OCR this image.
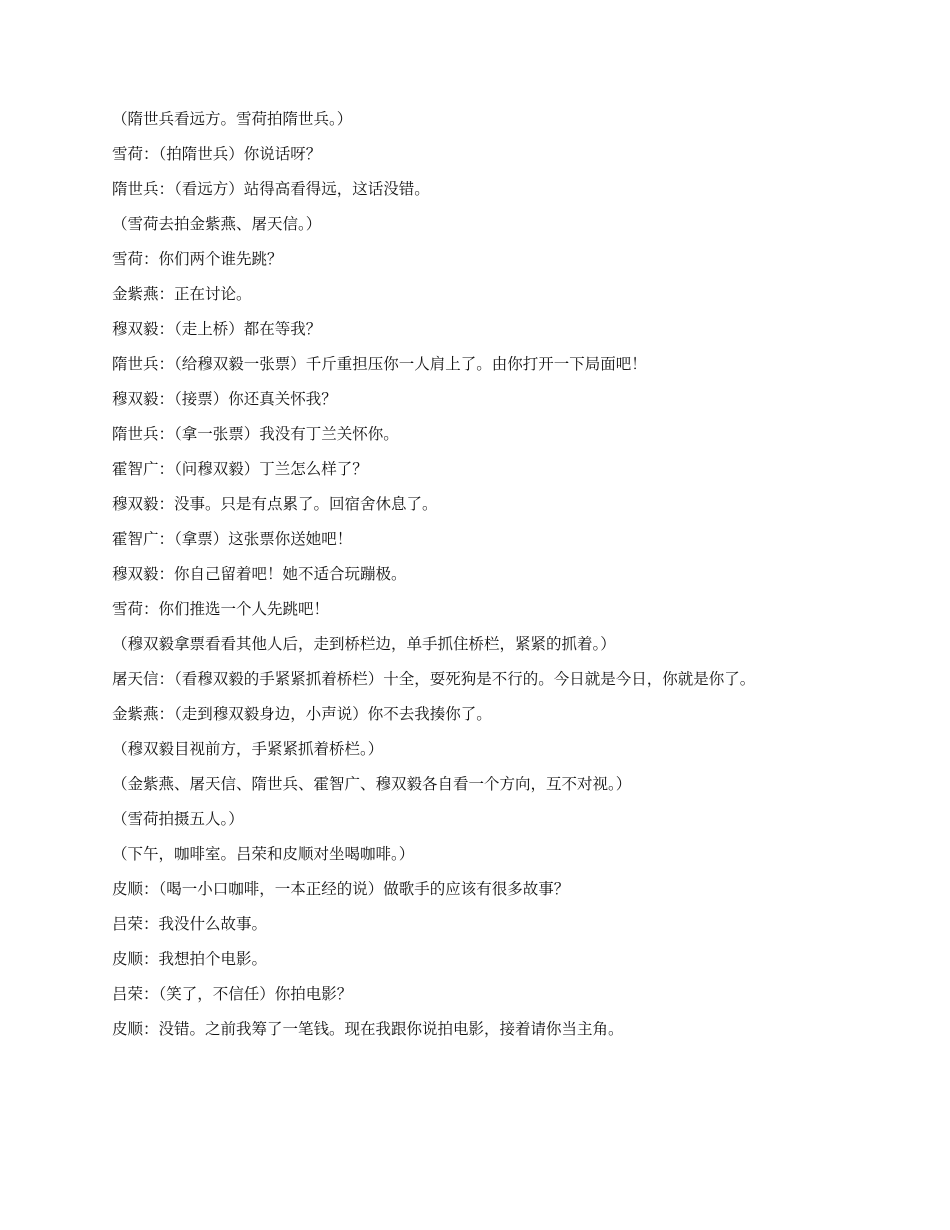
（隋世兵看远方。雪荷拍隋世兵。）

雪荷：（拍隋世兵）你说话呀？

隋世兵：（看远方）站得高看得远，这话没错。

（雪荷去拍金紫燕、屠天信。）

雪荷：你们两个谁先跳？

金紫燕：正在讨论。

穆双毅：（走上桥）都在等我？

隋世兵：（给穆双毅一张票）千斤重担压你一人肩上了。由你打开一下局面吧！

穆双毅：（接票）你还真关怀我？

隋世兵：（拿一张票）我没有丁兰关怀你。

霍智广：（问穆双毅）丁兰怎么样了？

穆双毅：没事。只是有点累了。回宿舍休息了。

霍智广：（拿票）这张票你送她吧！

穆双毅：你自己留着吧！她不适合玩蹦极。

雪荷：你们推选一个人先跳吧！

（穆双毅拿票看看其他人后，走到桥栏边，单手抓住桥栏，紧紧的抓着。）

屠天信：（看穆双毅的手紧紧抓着桥栏）十全，耍死狗是不行的。今日就是今日，你就是你了。

金紫燕：（走到穆双毅身边，小声说）你不去我揍你了。

（穆双毅目视前方，手紧紧抓着桥栏。）

（金紫燕、屠天信、隋世兵、霍智广、穆双毅各自看一个方向，互不对视。）

（雪荷拍摄五人。）

（下午，咖啡室。吕荣和皮顺对坐喝咖啡。）

皮顺：（喝一小口咖啡，一本正经的说）做歌手的应该有很多故事？

吕荣：我没什么故事。

皮顺：我想拍个电影。

吕荣：（笑了，不信任）你拍电影？

皮顺：没错。之前我筹了一笔钱。现在我跟你说拍电影，接着请你当主角。
